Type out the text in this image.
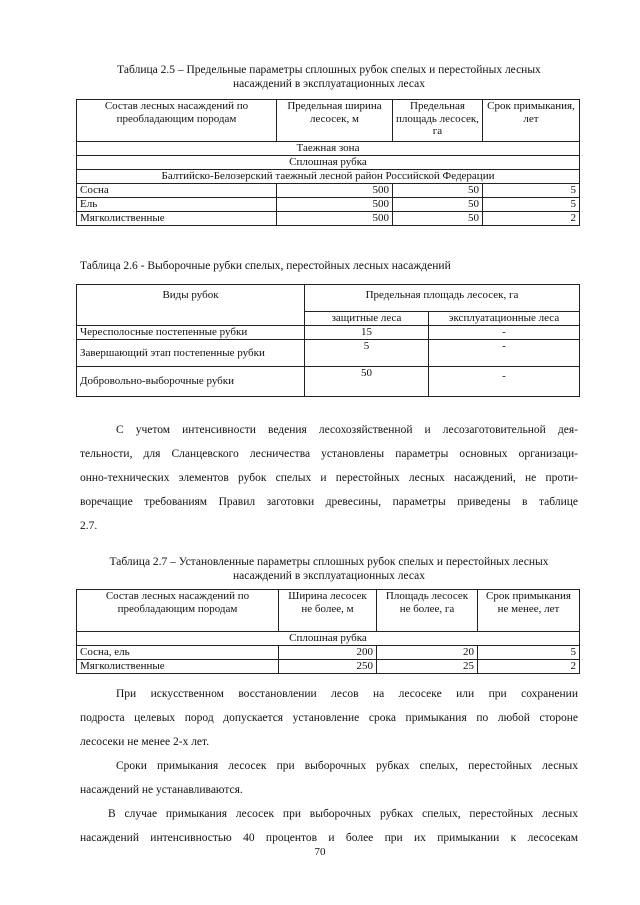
Таблица 2.5 – Предельные параметры сплошных рубок спелых и перестойных лесных
насаждений в эксплуатационных лесах
Состав лесных насаждений по преобладающим породам	Предельная ширина лесосек, м	Предельная площадь лесосек, га	Срок примыкания, лет
Таежная зона			
Сплошная рубка			
Балтийско-Белозерский таежный лесной район Российской Федерации			
Сосна	500	50	5
Ель	500	50	5
Мягколиственные	500	50	2
Таблица 2.6 - Выборочные рубки спелых, перестойных лесных насаждений
Виды рубок	Предельная площадь лесосек, га	
	защитные леса	эксплуатационные леса
Чересполосные постепенные рубки	15	-
Завершающий этап постепенные рубки	5	-
Добровольно-выборочные рубки	50	-
С учетом интенсивности ведения лесохозяйственной и лесозаготовительной дея-
тельности, для Сланцевского лесничества установлены параметры основных организаци-
онно-технических элементов рубок спелых и перестойных лесных насаждений, не проти-
воречащие требованиям Правил заготовки древесины, параметры приведены в таблице
2.7.
Таблица 2.7 – Установленные параметры сплошных рубок спелых и перестойных лесных
насаждений в эксплуатационных лесах
Состав лесных насаждений по преобладающим породам	Ширина лесосек не более, м	Площадь лесосек не более, га	Срок примыкания не менее, лет
Сплошная рубка			
Сосна, ель	200	20	5
Мягколиственные	250	25	2
При искусственном восстановлении лесов на лесосеке или при сохранении
подроста целевых пород допускается установление срока примыкания по любой стороне
лесосеки не менее 2-х лет.
Сроки примыкания лесосек при выборочных рубках спелых, перестойных лесных
насаждений не устанавливаются.
В случае примыкания лесосек при выборочных рубках спелых, перестойных лесных
насаждений интенсивностью 40 процентов и более при их примыкании к лесосекам
70
